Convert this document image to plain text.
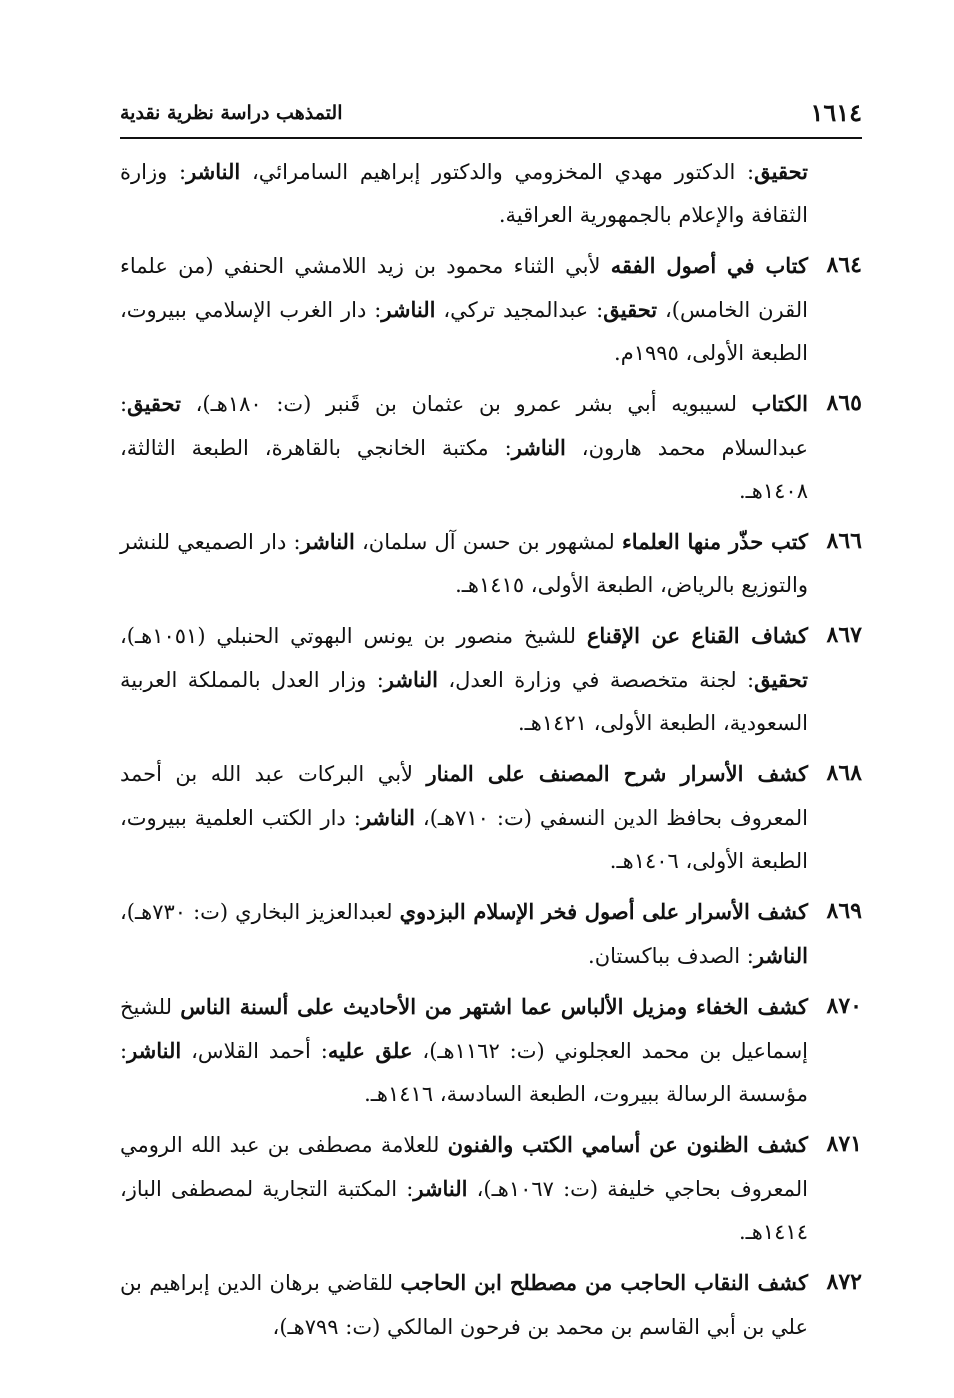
١٦١٤
التمذهب دراسة نظرية نقدية

تحقيق: الدكتور مهدي المخزومي والدكتور إبراهيم السامرائي، الناشر: وزارة الثقافة والإعلام بالجمهورية العراقية.

٨٦٤
كتاب في أصول الفقه لأبي الثناء محمود بن زيد اللامشي الحنفي (من علماء القرن الخامس)، تحقيق: عبدالمجيد تركي، الناشر: دار الغرب الإسلامي ببيروت، الطبعة الأولى، ١٩٩٥م.
٨٦٥
الكتاب لسيبويه أبي بشر عمرو بن عثمان بن قَنبر (ت: ١٨٠هـ)، تحقيق: عبدالسلام محمد هارون، الناشر: مكتبة الخانجي بالقاهرة، الطبعة الثالثة، ١٤٠٨هـ.
٨٦٦
كتب حذّر منها العلماء لمشهور بن حسن آل سلمان، الناشر: دار الصميعي للنشر والتوزيع بالرياض، الطبعة الأولى، ١٤١٥هـ.
٨٦٧
كشاف القناع عن الإقناع للشيخ منصور بن يونس البهوتي الحنبلي (١٠٥١هـ)، تحقيق: لجنة متخصصة في وزارة العدل، الناشر: وزار العدل بالمملكة العربية السعودية، الطبعة الأولى، ١٤٢١هـ.
٨٦٨
كشف الأسرار شرح المصنف على المنار لأبي البركات عبد الله بن أحمد المعروف بحافظ الدين النسفي (ت: ٧١٠هـ)، الناشر: دار الكتب العلمية ببيروت، الطبعة الأولى، ١٤٠٦هـ.
٨٦٩
كشف الأسرار على أصول فخر الإسلام البزدوي لعبدالعزيز البخاري (ت: ٧٣٠هـ)، الناشر: الصدف بباكستان.
٨٧٠
كشف الخفاء ومزيل الألباس عما اشتهر من الأحاديث على ألسنة الناس للشيخ إسماعيل بن محمد العجلوني (ت: ١١٦٢هـ)، علق عليه: أحمد القلاس، الناشر: مؤسسة الرسالة ببيروت، الطبعة السادسة، ١٤١٦هـ.
٨٧١
كشف الظنون عن أسامي الكتب والفنون للعلامة مصطفى بن عبد الله الرومي المعروف بحاجي خليفة (ت: ١٠٦٧هـ)، الناشر: المكتبة التجارية لمصطفى الباز، ١٤١٤هـ.
٨٧٢
كشف النقاب الحاجب من مصطلح ابن الحاجب للقاضي برهان الدين إبراهيم بن علي بن أبي القاسم بن محمد بن فرحون المالكي (ت: ٧٩٩هـ)،
